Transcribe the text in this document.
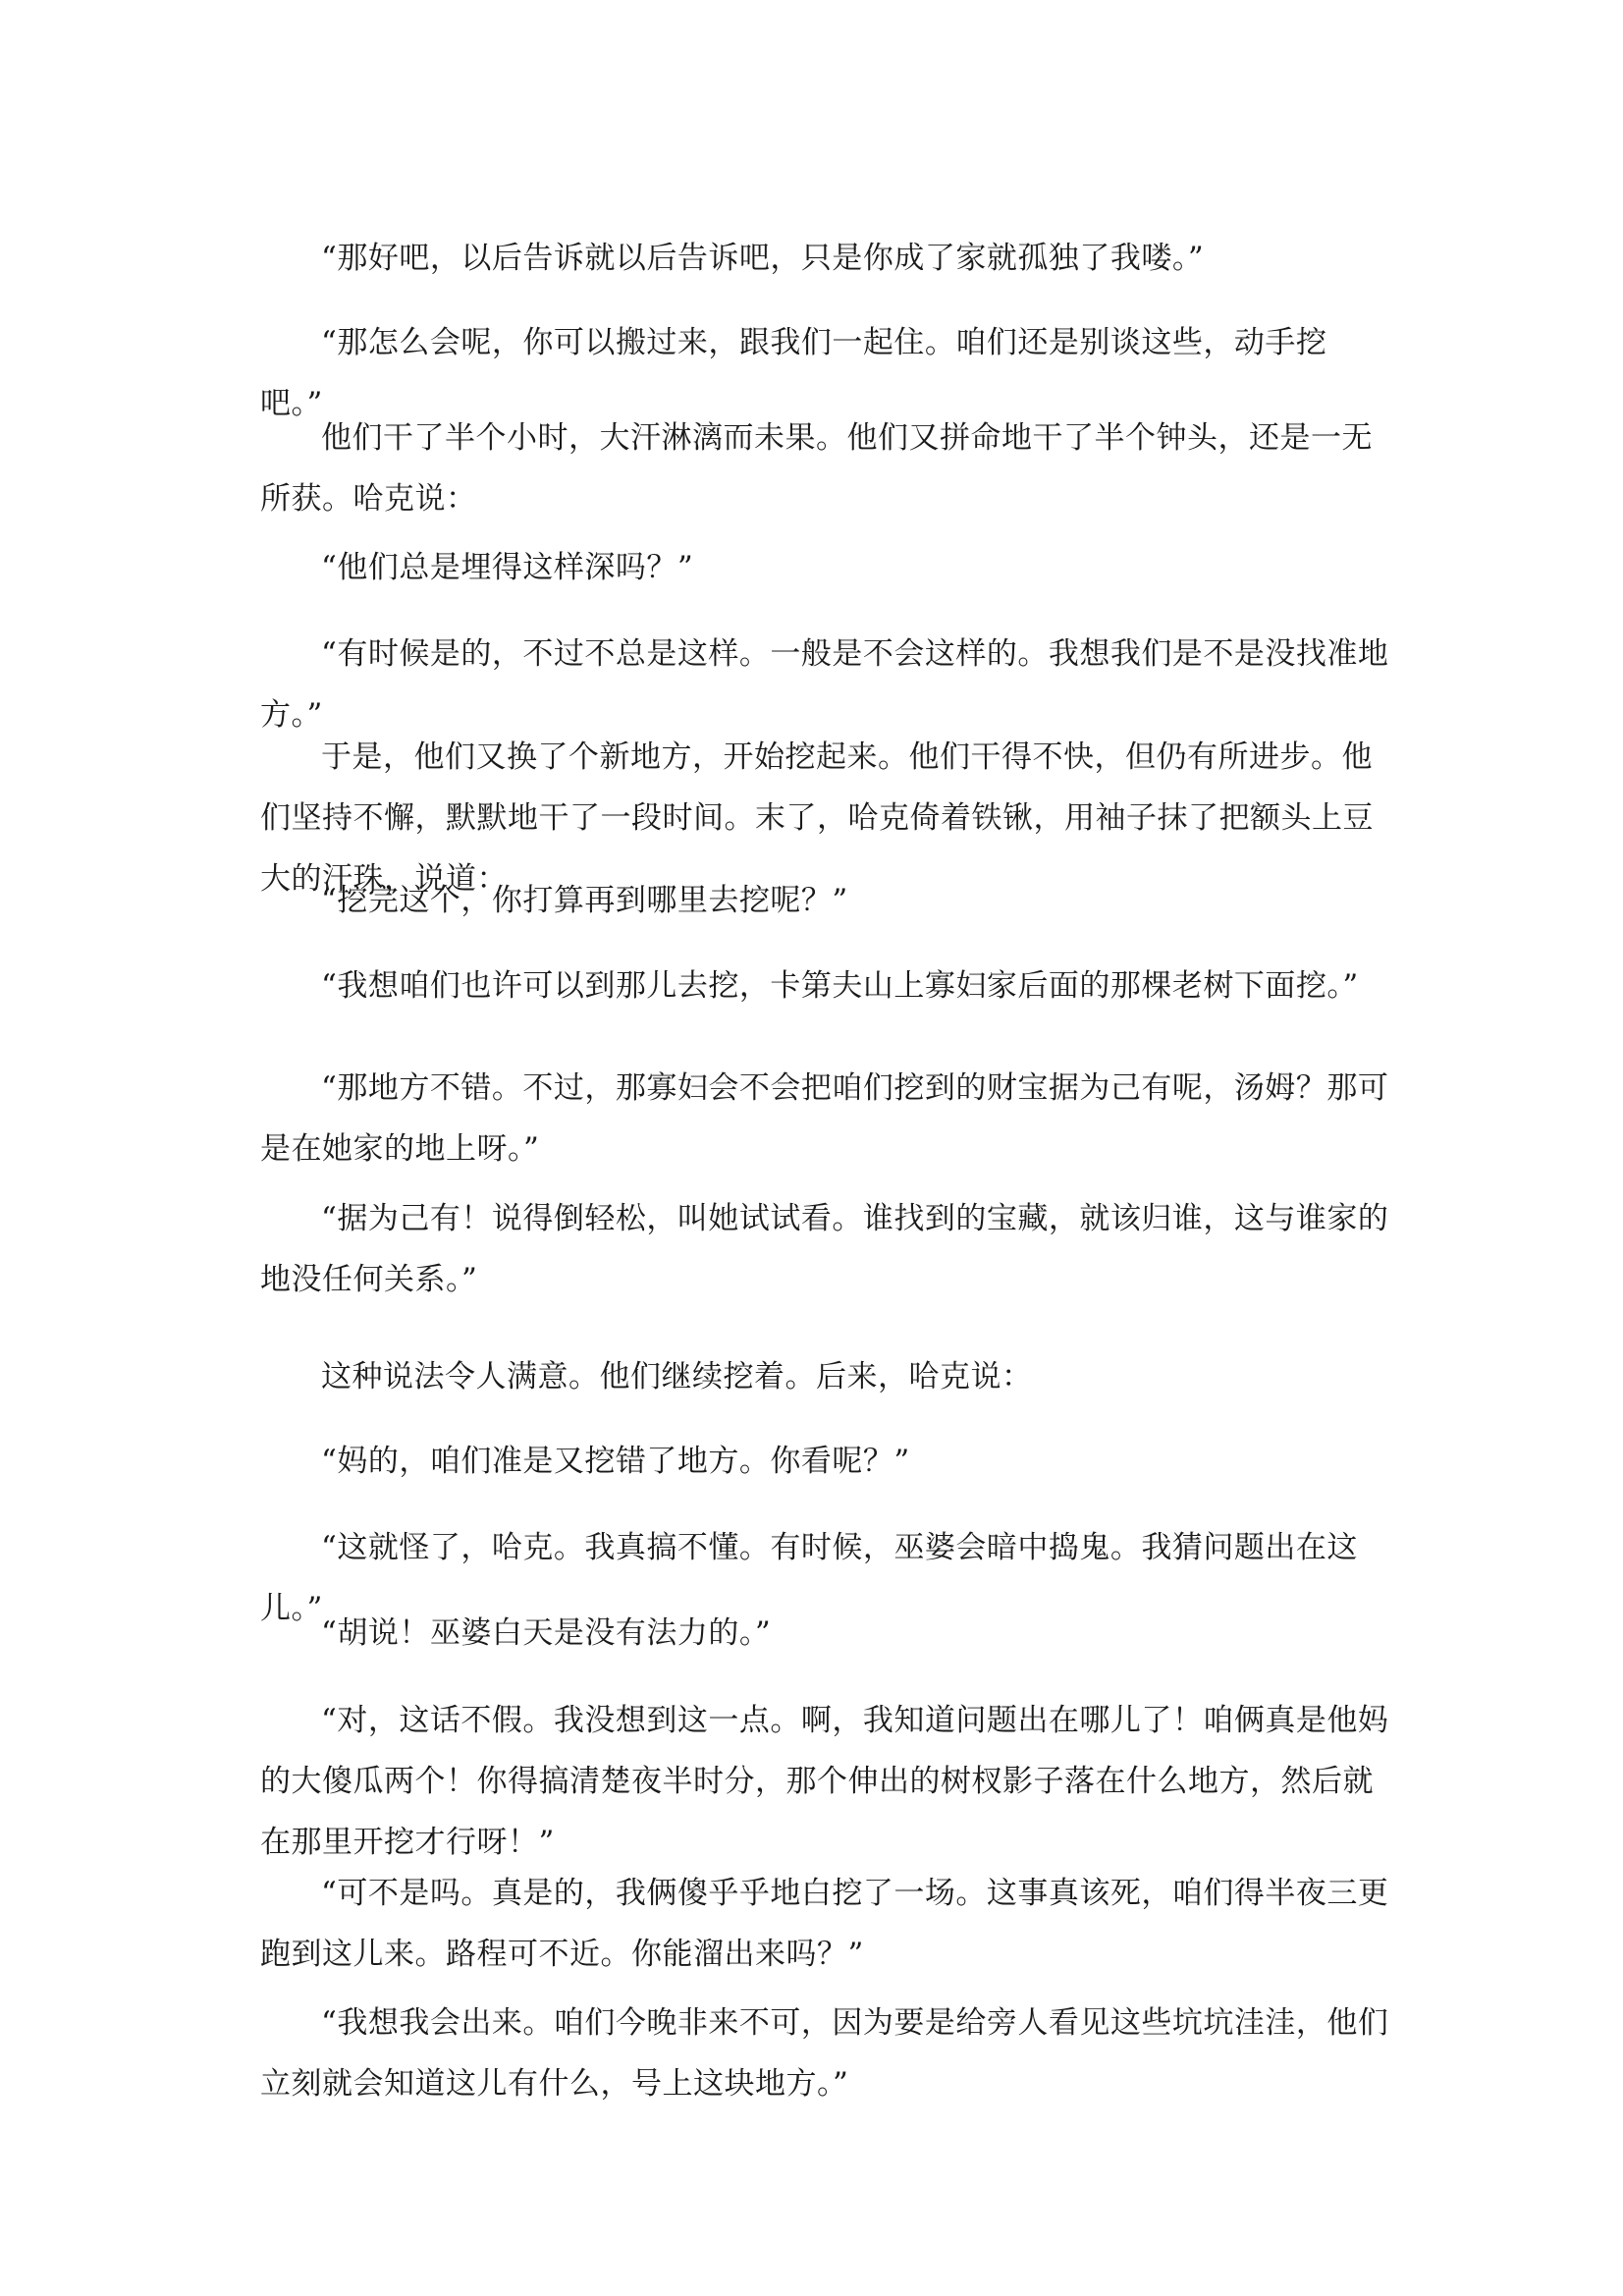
“那好吧，以后告诉就以后告诉吧，只是你成了家就孤独了我喽。”

“那怎么会呢，你可以搬过来，跟我们一起住。咱们还是别谈这些，动手挖吧。”

他们干了半个小时，大汗淋漓而未果。他们又拼命地干了半个钟头，还是一无所获。哈克说：

“他们总是埋得这样深吗？”

“有时候是的，不过不总是这样。一般是不会这样的。我想我们是不是没找准地方。”

于是，他们又换了个新地方，开始挖起来。他们干得不快，但仍有所进步。他们坚持不懈，默默地干了一段时间。末了，哈克倚着铁锹，用袖子抹了把额头上豆大的汗珠，说道：

“挖完这个，你打算再到哪里去挖呢？”

“我想咱们也许可以到那儿去挖，卡第夫山上寡妇家后面的那棵老树下面挖。”

“那地方不错。不过，那寡妇会不会把咱们挖到的财宝据为己有呢，汤姆？那可是在她家的地上呀。”

“据为己有！说得倒轻松，叫她试试看。谁找到的宝藏，就该归谁，这与谁家的地没任何关系。”

这种说法令人满意。他们继续挖着。后来，哈克说：

“妈的，咱们准是又挖错了地方。你看呢？”

“这就怪了，哈克。我真搞不懂。有时候，巫婆会暗中捣鬼。我猜问题出在这儿。”

“胡说！巫婆白天是没有法力的。”

“对，这话不假。我没想到这一点。啊，我知道问题出在哪儿了！咱俩真是他妈的大傻瓜两个！你得搞清楚夜半时分，那个伸出的树杈影子落在什么地方，然后就在那里开挖才行呀！”

“可不是吗。真是的，我俩傻乎乎地白挖了一场。这事真该死，咱们得半夜三更跑到这儿来。路程可不近。你能溜出来吗？”

“我想我会出来。咱们今晚非来不可，因为要是给旁人看见这些坑坑洼洼，他们立刻就会知道这儿有什么，号上这块地方。”
